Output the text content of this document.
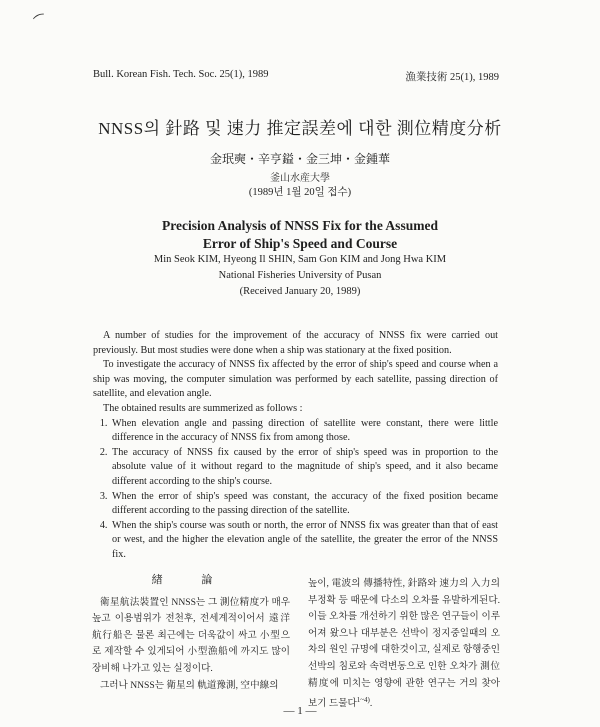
⁀
Bull. Korean Fish. Tech. Soc. 25(1), 1989	漁業技術 25(1), 1989
NNSS의 針路 및 速力 推定誤差에 대한 測位精度分析
金珉奭・辛亨鎰・金三坤・金鍾華
釜山水産大學
(1989년 1월 20일 접수)
Precision Analysis of NNSS Fix for the Assumed
Error of Ship's Speed and Course
Min Seok KIM, Hyeong Il SHIN, Sam Gon KIM and Jong Hwa KIM
National Fisheries University of Pusan
(Received January 20, 1989)

A number of studies for the improvement of the accuracy of NNSS fix were carried out previously. But most studies were done when a ship was stationary at the fixed position.

To investigate the accuracy of NNSS fix affected by the error of ship's speed and course when a ship was moving, the computer simulation was performed by each satellite, passing direction of satellite, and elevation angle.

The obtained results are summerized as follows :

1. When elevation angle and passing direction of satellite were constant, there were little difference in the accuracy of NNSS fix from among those.
2. The accuracy of NNSS fix caused by the error of ship's speed was in proportion to the absolute value of it without regard to the magnitude of ship's speed, and it also became different according to the ship's course.
3. When the error of ship's speed was constant, the accuracy of the fixed position became different according to the passing direction of the satellite.
4. When the ship's course was south or north, the error of NNSS fix was greater than that of east or west, and the higher the elevation angle of the satellite, the greater the error of the NNSS fix.
緖 論

衛星航法裝置인 NNSS는 그 測位精度가 매우 높고 이용범위가 전천후, 전세계적이어서 遠洋航行船은 물론 최근에는 더욱값이 싸고 小型으로 제작할 수 있게되어 小型漁船에 까지도 많이 장비해 나가고 있는 실정이다.

그러나 NNSS는 衛星의 軌道豫測, 空中線의

높이, 電波의 傳播特性, 針路와 速力의 入力의 부정확 등 때문에 다소의 오차를 유발하게된다. 이들 오차를 개선하기 위한 많은 연구들이 이루어져 왔으나 대부분은 선박이 정지중일때의 오차의 원인 규명에 대한것이고, 실제로 항행중인 선박의 침로와 속력변동으로 인한 오차가 測位精度에 미치는 영향에 관한 연구는 거의 찾아 보기 드물다$^{1\sim 4)}$.

— 1 —
